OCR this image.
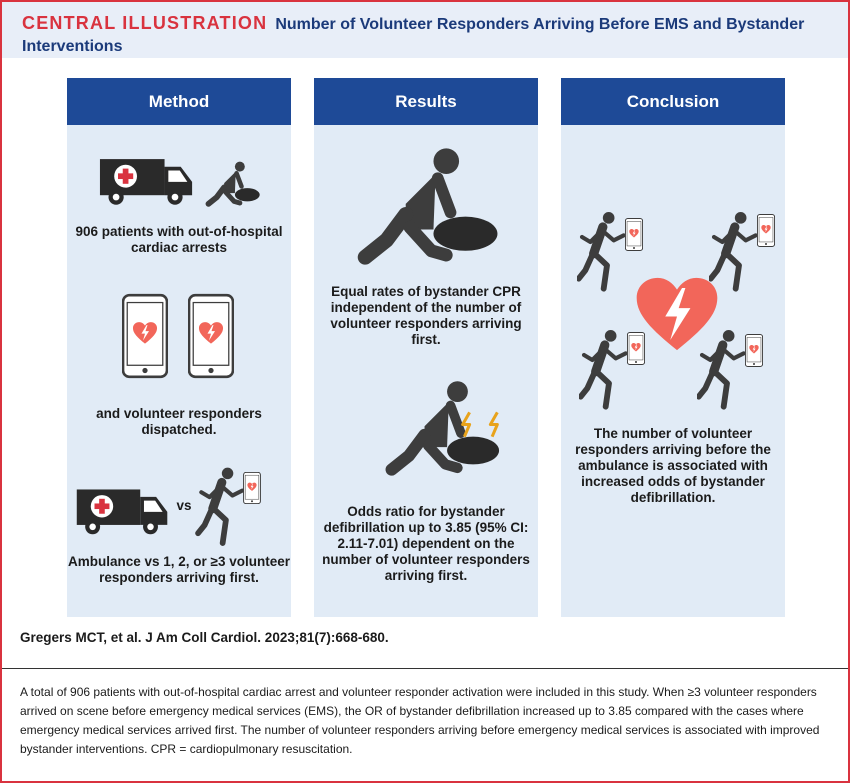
CENTRAL ILLUSTRATION Number of Volunteer Responders Arriving Before EMS and Bystander Interventions
Method
906 patients with out-of-hospital cardiac arrests
and volunteer responders dispatched.
vs
Ambulance vs 1, 2, or ≥3 volunteer responders arriving first.
Results
Equal rates of bystander CPR independent of the number of volunteer responders arriving first.
Odds ratio for bystander defibrillation up to 3.85 (95% CI: 2.11-7.01) dependent on the number of volunteer responders arriving first.
Conclusion
The number of volunteer responders arriving before the ambulance is associated with increased odds of bystander defibrillation.
Gregers MCT, et al. J Am Coll Cardiol. 2023;81(7):668-680.
A total of 906 patients with out-of-hospital cardiac arrest and volunteer responder activation were included in this study. When ≥3 volunteer responders arrived on scene before emergency medical services (EMS), the OR of bystander defibrillation increased up to 3.85 compared with the cases where emergency medical services arrived first. The number of volunteer responders arriving before emergency medical services is associated with improved bystander interventions. CPR = cardiopulmonary resuscitation.
